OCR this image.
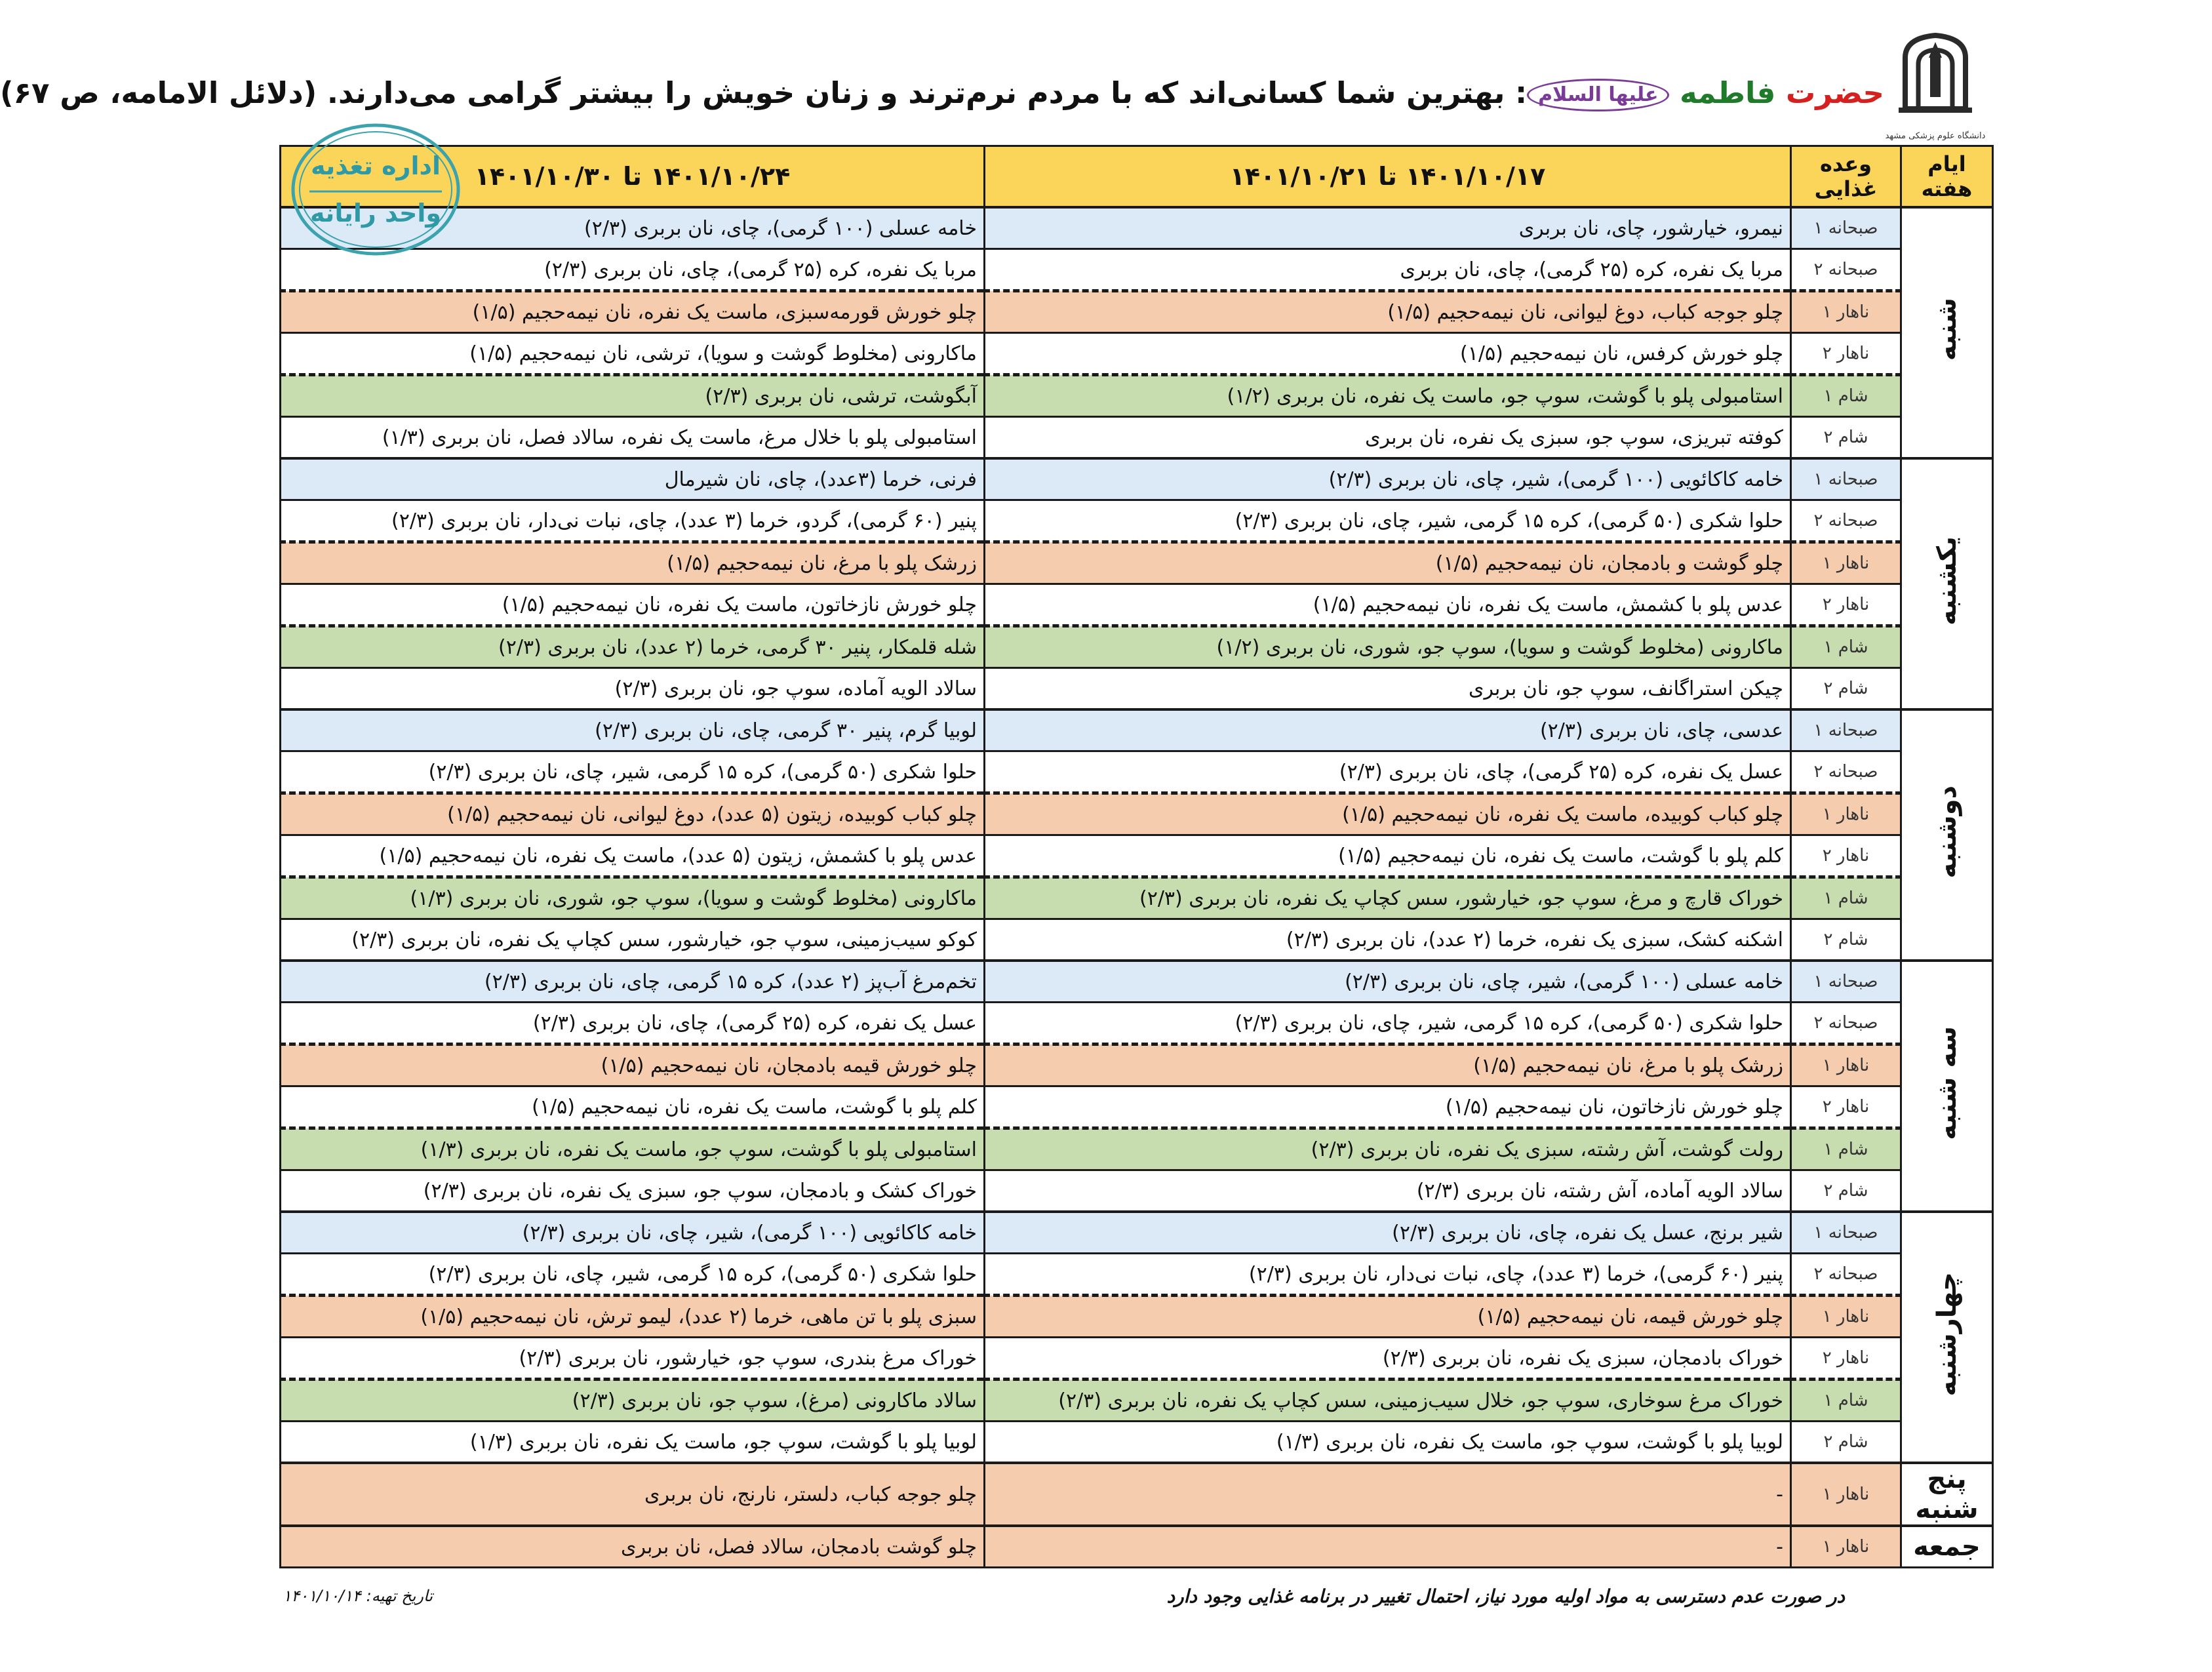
دانشگاه علوم پزشکی مشهد
حضرت فاطمه عليها السلام: بهترین شما کسانی‌اند که با مردم نرم‌ترند و زنان خویش را بیشتر گرامی می‌دارند. (دلائل الامامه، ص ۶۷)
ایام هفته	وعده غذایی	۱۴۰۱/۱۰/۱۷ تا ۱۴۰۱/۱۰/۲۱	۱۴۰۱/۱۰/۲۴ تا ۱۴۰۱/۱۰/۳۰
شنبه	صبحانه ۱	نیمرو، خیارشور، چای، نان بربری	خامه عسلی (۱۰۰ گرمی)، چای، نان بربری (۲/۳)
	صبحانه ۲	مربا یک نفره، کره (۲۵ گرمی)، چای، نان بربری	مربا یک نفره، کره (۲۵ گرمی)، چای، نان بربری (۲/۳)
	ناهار ۱	چلو جوجه کباب، دوغ لیوانی، نان نیمه‌حجیم (۱/۵)	چلو خورش قورمه‌سبزی، ماست یک نفره، نان نیمه‌حجیم (۱/۵)
	ناهار ۲	چلو خورش کرفس، نان نیمه‌حجیم (۱/۵)	ماکارونی (مخلوط گوشت و سویا)، ترشی، نان نیمه‌حجیم (۱/۵)
	شام ۱	استامبولی پلو با گوشت، سوپ جو، ماست یک نفره، نان بربری (۱/۲)	آبگوشت، ترشی، نان بربری (۲/۳)
	شام ۲	کوفته تبریزی، سوپ جو، سبزی یک نفره، نان بربری	استامبولی پلو با خلال مرغ، ماست یک نفره، سالاد فصل، نان بربری (۱/۳)
یکشنبه	صبحانه ۱	خامه کاکائویی (۱۰۰ گرمی)، شیر، چای، نان بربری (۲/۳)	فرنی، خرما (۳عدد)، چای، نان شیرمال
	صبحانه ۲	حلوا شکری (۵۰ گرمی)، کره ۱۵ گرمی، شیر، چای، نان بربری (۲/۳)	پنیر (۶۰ گرمی)، گردو، خرما (۳ عدد)، چای، نبات نی‌دار، نان بربری (۲/۳)
	ناهار ۱	چلو گوشت و بادمجان، نان نیمه‌حجیم (۱/۵)	زرشک پلو با مرغ، نان نیمه‌حجیم (۱/۵)
	ناهار ۲	عدس پلو با کشمش، ماست یک نفره، نان نیمه‌حجیم (۱/۵)	چلو خورش نازخاتون، ماست یک نفره، نان نیمه‌حجیم (۱/۵)
	شام ۱	ماکارونی (مخلوط گوشت و سویا)، سوپ جو، شوری، نان بربری (۱/۲)	شله قلمکار، پنیر ۳۰ گرمی، خرما (۲ عدد)، نان بربری (۲/۳)
	شام ۲	چیکن استراگانف، سوپ جو، نان بربری	سالاد الویه آماده، سوپ جو، نان بربری (۲/۳)
دوشنبه	صبحانه ۱	عدسی، چای، نان بربری (۲/۳)	لوبیا گرم، پنیر ۳۰ گرمی، چای، نان بربری (۲/۳)
	صبحانه ۲	عسل یک نفره، کره (۲۵ گرمی)، چای، نان بربری (۲/۳)	حلوا شکری (۵۰ گرمی)، کره ۱۵ گرمی، شیر، چای، نان بربری (۲/۳)
	ناهار ۱	چلو کباب کوبیده، ماست یک نفره، نان نیمه‌حجیم (۱/۵)	چلو کباب کوبیده، زیتون (۵ عدد)، دوغ لیوانی، نان نیمه‌حجیم (۱/۵)
	ناهار ۲	کلم پلو با گوشت، ماست یک نفره، نان نیمه‌حجیم (۱/۵)	عدس پلو با کشمش، زیتون (۵ عدد)، ماست یک نفره، نان نیمه‌حجیم (۱/۵)
	شام ۱	خوراک قارچ و مرغ، سوپ جو، خیارشور، سس کچاپ یک نفره، نان بربری (۲/۳)	ماکارونی (مخلوط گوشت و سویا)، سوپ جو، شوری، نان بربری (۱/۳)
	شام ۲	اشکنه کشک، سبزی یک نفره، خرما (۲ عدد)، نان بربری (۲/۳)	کوکو سیب‌زمینی، سوپ جو، خیارشور، سس کچاپ یک نفره، نان بربری (۲/۳)
سه شنبه	صبحانه ۱	خامه عسلی (۱۰۰ گرمی)، شیر، چای، نان بربری (۲/۳)	تخم‌مرغ آب‌پز (۲ عدد)، کره ۱۵ گرمی، چای، نان بربری (۲/۳)
	صبحانه ۲	حلوا شکری (۵۰ گرمی)، کره ۱۵ گرمی، شیر، چای، نان بربری (۲/۳)	عسل یک نفره، کره (۲۵ گرمی)، چای، نان بربری (۲/۳)
	ناهار ۱	زرشک پلو با مرغ، نان نیمه‌حجیم (۱/۵)	چلو خورش قیمه بادمجان، نان نیمه‌حجیم (۱/۵)
	ناهار ۲	چلو خورش نازخاتون، نان نیمه‌حجیم (۱/۵)	کلم پلو با گوشت، ماست یک نفره، نان نیمه‌حجیم (۱/۵)
	شام ۱	رولت گوشت، آش رشته، سبزی یک نفره، نان بربری (۲/۳)	استامبولی پلو با گوشت، سوپ جو، ماست یک نفره، نان بربری (۱/۳)
	شام ۲	سالاد الویه آماده، آش رشته، نان بربری (۲/۳)	خوراک کشک و بادمجان، سوپ جو، سبزی یک نفره، نان بربری (۲/۳)
چهارشنبه	صبحانه ۱	شیر برنج، عسل یک نفره، چای، نان بربری (۲/۳)	خامه کاکائویی (۱۰۰ گرمی)، شیر، چای، نان بربری (۲/۳)
	صبحانه ۲	پنیر (۶۰ گرمی)، خرما (۳ عدد)، چای، نبات نی‌دار، نان بربری (۲/۳)	حلوا شکری (۵۰ گرمی)، کره ۱۵ گرمی، شیر، چای، نان بربری (۲/۳)
	ناهار ۱	چلو خورش قیمه، نان نیمه‌حجیم (۱/۵)	سبزی پلو با تن ماهی، خرما (۲ عدد)، لیمو ترش، نان نیمه‌حجیم (۱/۵)
	ناهار ۲	خوراک بادمجان، سبزی یک نفره، نان بربری (۲/۳)	خوراک مرغ بندری، سوپ جو، خیارشور، نان بربری (۲/۳)
	شام ۱	خوراک مرغ سوخاری، سوپ جو، خلال سیب‌زمینی، سس کچاپ یک نفره، نان بربری (۲/۳)	سالاد ماکارونی (مرغ)، سوپ جو، نان بربری (۲/۳)
	شام ۲	لوبیا پلو با گوشت، سوپ جو، ماست یک نفره، نان بربری (۱/۳)	لوبیا پلو با گوشت، سوپ جو، ماست یک نفره، نان بربری (۱/۳)
پنج شنبه	ناهار ۱	-	چلو جوجه کباب، دلستر، نارنج، نان بربری
جمعه	ناهار ۱	-	چلو گوشت بادمجان، سالاد فصل، نان بربری
اداره تغذیه
واحد رایانه
در صورت عدم دسترسی به مواد اولیه مورد نیاز، احتمال تغییر در برنامه غذایی وجود دارد
تاریخ تهیه:۱۴۰۱/۱۰/۱۴
